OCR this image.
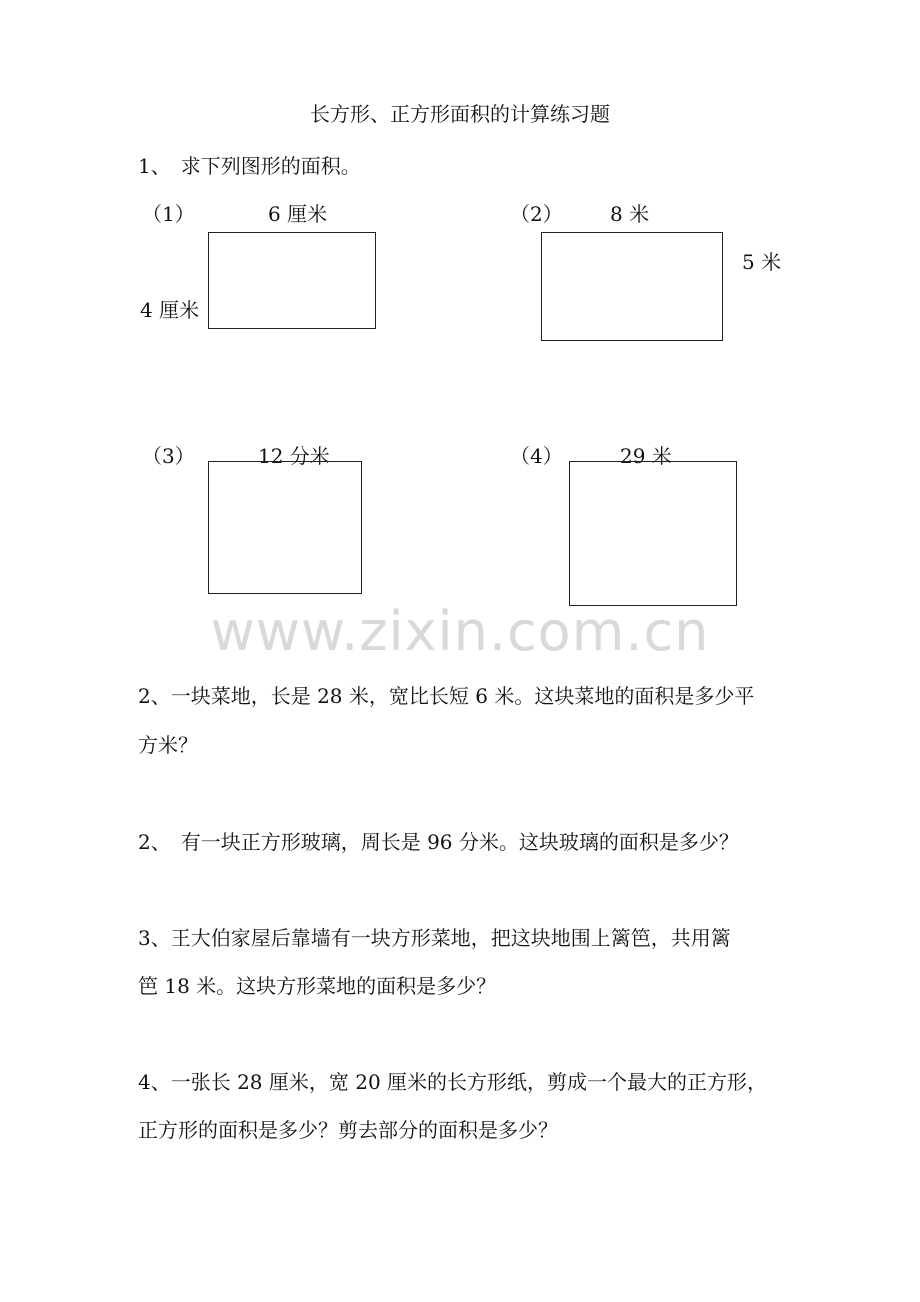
长方形、正方形面积的计算练习题
1、　求下列图形的面积。
（1）	6 厘米
4 厘米
（2） 8 米
5 米
（3）	12 分米	（4）	29 米
www.zixin.com.cn
2、一块菜地，长是 28 米，宽比长短 6 米。这块菜地的面积是多少平
方米？
2、　有一块正方形玻璃，周长是 96 分米。这块玻璃的面积是多少？
3、王大伯家屋后靠墙有一块方形菜地，把这块地围上篱笆，共用篱
笆 18 米。这块方形菜地的面积是多少？
4、一张长 28 厘米，宽 20 厘米的长方形纸，剪成一个最大的正方形，
正方形的面积是多少？剪去部分的面积是多少？
